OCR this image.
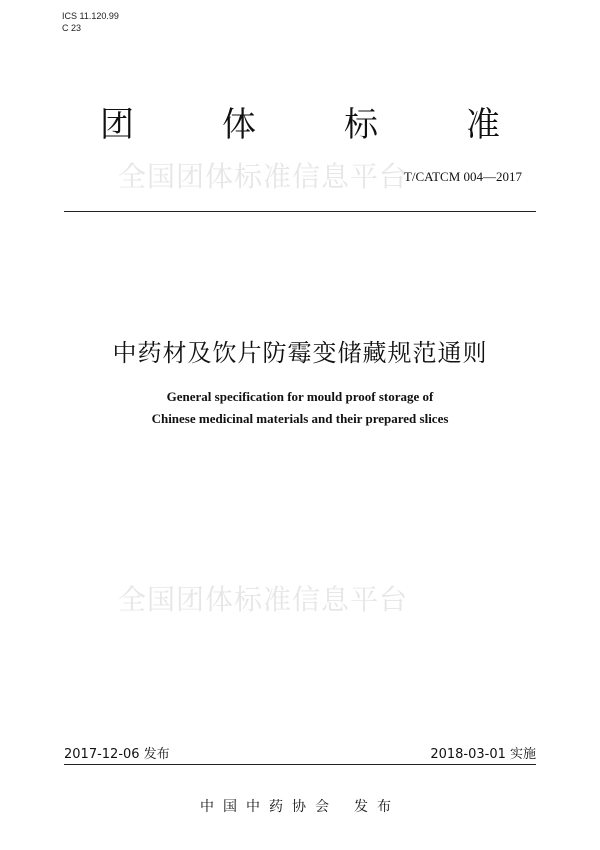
ICS 11.120.99
C 23
团	体	标	准
全国团体标准信息平台
T/CATCM 004—2017
中药材及饮片防霉变储藏规范通则
General specification for mould proof storage of
Chinese medicinal materials and their prepared slices
全国团体标准信息平台
2017-12-06 发布	2018-03-01 实施
中国中药协会 发布
